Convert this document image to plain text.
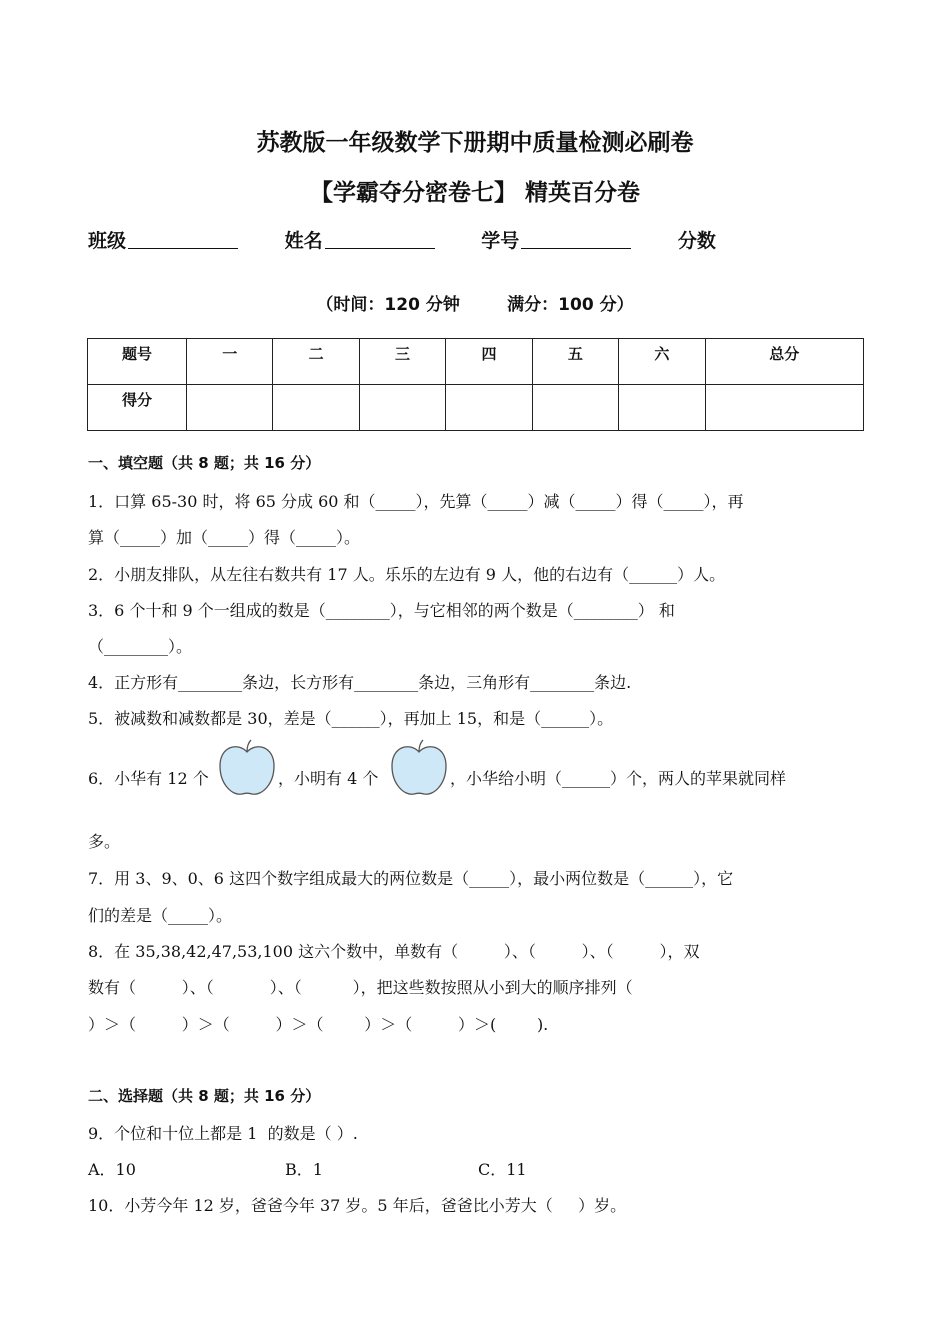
苏教版一年级数学下册期中质量检测必刷卷
【学霸夺分密卷七】 精英百分卷
班级	姓名	学号	分数
（时间：120 分钟        满分：100 分）
题号	一	二	三	四	五	六	总分
得分							
一、填空题（共 8 题；共 16 分）
1．口算 65-30 时，将 65 分成 60 和（_____），先算（_____）减（_____）得（_____），再
算（_____）加（_____）得（_____）。
2．小朋友排队，从左往右数共有 17 人。乐乐的左边有 9 人，他的右边有（______）人。
3．6 个十和 9 个一组成的数是（________），与它相邻的两个数是（________） 和
（________）。
4．正方形有________条边，长方形有________条边，三角形有________条边.
5．被减数和减数都是 30，差是（______），再加上 15，和是（______）。
6．小华有 12 个	，小明有 4 个	，小华给小明（______）个，两人的苹果就同样
多。
7．用 3、9、0、6 这四个数字组成最大的两位数是（_____），最小两位数是（______），它
们的差是（_____）。
8．在 35,38,42,47,53,100 这六个数中，单数有（         ）、（         ）、（         ），双
数有（         ）、（           ）、（          ），把这些数按照从小到大的顺序排列（
）＞（         ）＞（         ）＞（        ）＞（         ）＞(        ).
二、选择题（共 8 题；共 16 分）
9．个位和十位上都是 1  的数是（ ）.
A．10	B．1	C．11
10．小芳今年 12 岁，爸爸今年 37 岁。5 年后，爸爸比小芳大（     ）岁。
